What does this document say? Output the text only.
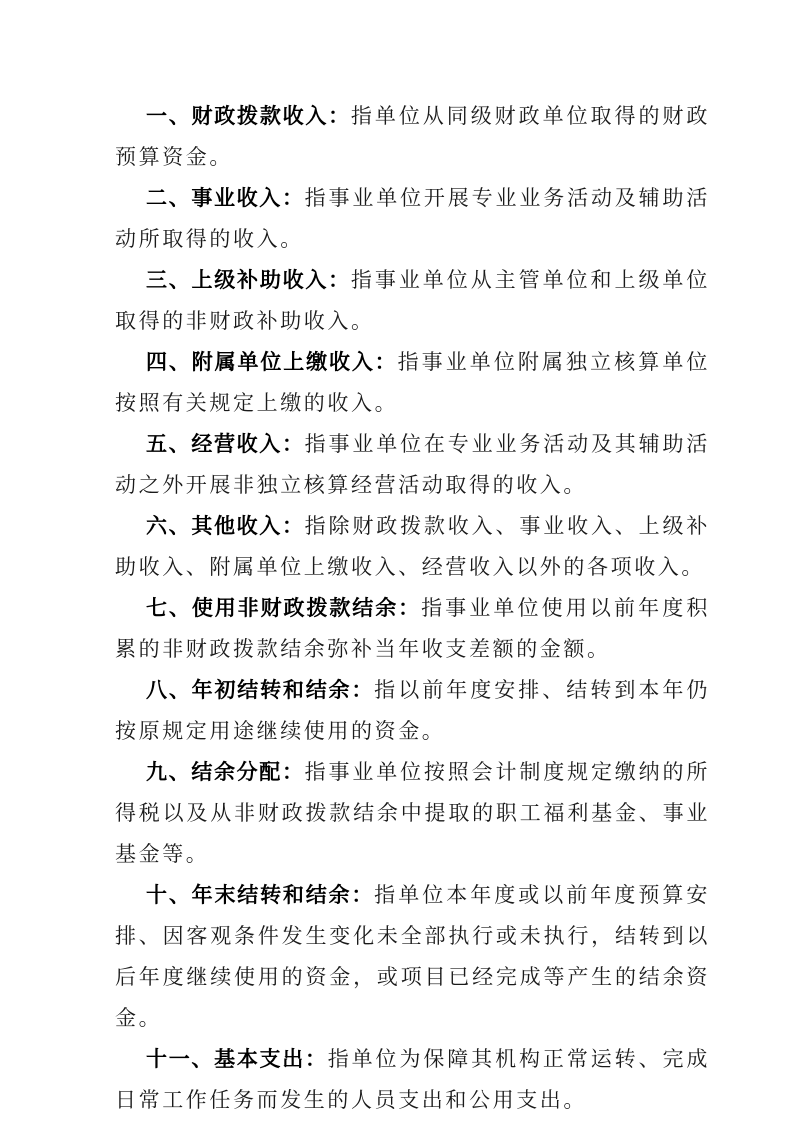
一、财政拨款收入：指单位从同级财政单位取得的财政预算资金。

二、事业收入：指事业单位开展专业业务活动及辅助活动所取得的收入。

三、上级补助收入：指事业单位从主管单位和上级单位取得的非财政补助收入。

四、附属单位上缴收入：指事业单位附属独立核算单位按照有关规定上缴的收入。

五、经营收入：指事业单位在专业业务活动及其辅助活动之外开展非独立核算经营活动取得的收入。

六、其他收入：指除财政拨款收入、事业收入、上级补助收入、附属单位上缴收入、经营收入以外的各项收入。

七、使用非财政拨款结余：指事业单位使用以前年度积累的非财政拨款结余弥补当年收支差额的金额。

八、年初结转和结余：指以前年度安排、结转到本年仍按原规定用途继续使用的资金。

九、结余分配：指事业单位按照会计制度规定缴纳的所得税以及从非财政拨款结余中提取的职工福利基金、事业基金等。

十、年末结转和结余：指单位本年度或以前年度预算安排、因客观条件发生变化未全部执行或未执行，结转到以后年度继续使用的资金，或项目已经完成等产生的结余资金。

十一、基本支出：指单位为保障其机构正常运转、完成日常工作任务而发生的人员支出和公用支出。
